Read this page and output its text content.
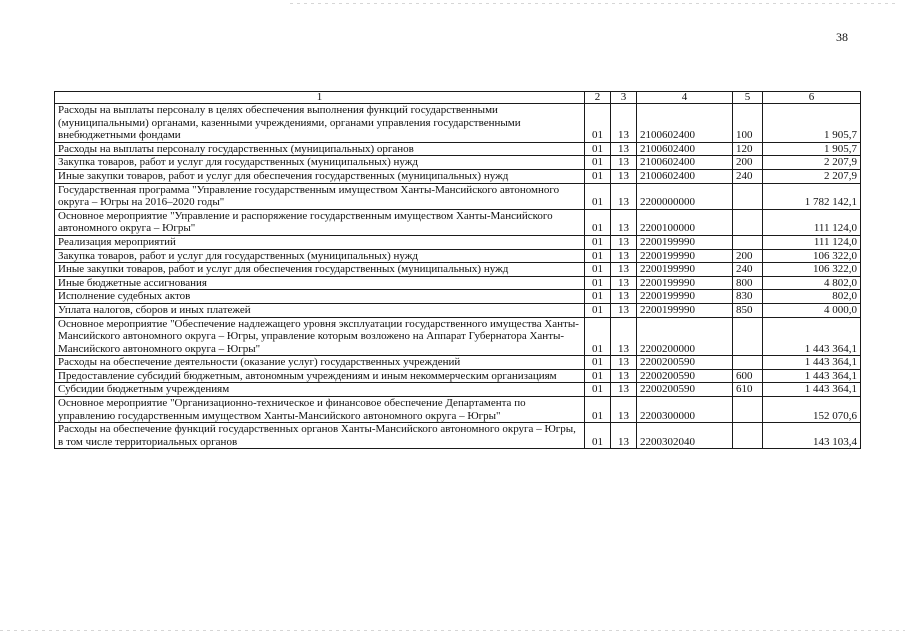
38
1	2	3	4	5	6
Расходы на выплаты персоналу в целях обеспечения выполнения функций государственными (муниципальными) органами, казенными учреждениями, органами управления государственными внебюджетными фондами	01	13	2100602400	100	1 905,7
Расходы на выплаты персоналу государственных (муниципальных) органов	01	13	2100602400	120	1 905,7
Закупка товаров, работ и услуг для государственных (муниципальных) нужд	01	13	2100602400	200	2 207,9
Иные закупки товаров, работ и услуг для обеспечения государственных (муниципальных) нужд	01	13	2100602400	240	2 207,9
Государственная программа "Управление государственным имуществом Ханты-Мансийского автономного округа – Югры на 2016–2020 годы"	01	13	2200000000		1 782 142,1
Основное мероприятие "Управление и распоряжение государственным имуществом Ханты-Мансийского автономного округа – Югры"	01	13	2200100000		111 124,0
Реализация мероприятий	01	13	2200199990		111 124,0
Закупка товаров, работ и услуг для государственных (муниципальных) нужд	01	13	2200199990	200	106 322,0
Иные закупки товаров, работ и услуг для обеспечения государственных (муниципальных) нужд	01	13	2200199990	240	106 322,0
Иные бюджетные ассигнования	01	13	2200199990	800	4 802,0
Исполнение судебных актов	01	13	2200199990	830	802,0
Уплата налогов, сборов и иных платежей	01	13	2200199990	850	4 000,0
Основное мероприятие "Обеспечение надлежащего уровня эксплуатации государственного имущества Ханты-Мансийского автономного округа – Югры, управление которым возложено на Аппарат Губернатора Ханты-Мансийского автономного округа – Югры"	01	13	2200200000		1 443 364,1
Расходы на обеспечение деятельности (оказание услуг) государственных учреждений	01	13	2200200590		1 443 364,1
Предоставление субсидий бюджетным, автономным учреждениям и иным некоммерческим организациям	01	13	2200200590	600	1 443 364,1
Субсидии бюджетным учреждениям	01	13	2200200590	610	1 443 364,1
Основное мероприятие "Организационно-техническое и финансовое обеспечение Департамента по управлению государственным имуществом Ханты-Мансийского автономного округа – Югры"	01	13	2200300000		152 070,6
Расходы на обеспечение функций государственных органов Ханты-Мансийского автономного округа – Югры, в том числе территориальных органов	01	13	2200302040		143 103,4
